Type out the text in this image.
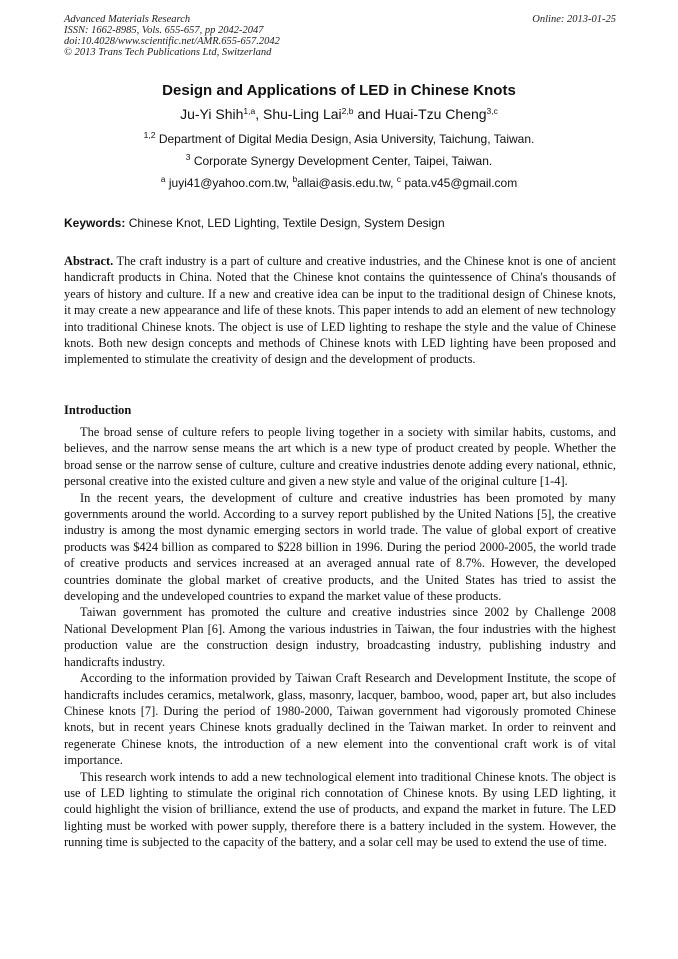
Advanced Materials Research
ISSN: 1662-8985, Vols. 655-657, pp 2042-2047
doi:10.4028/www.scientific.net/AMR.655-657.2042
© 2013 Trans Tech Publications Ltd, Switzerland
Online: 2013-01-25
Design and Applications of LED in Chinese Knots
Ju-Yi Shih$^{1,a}$, Shu-Ling Lai$^{2,b}$ and Huai-Tzu Cheng$^{3,c}$
$^{1,2}$ Department of Digital Media Design, Asia University, Taichung, Taiwan.
$^3$ Corporate Synergy Development Center, Taipei, Taiwan.
$^a$ juyi41@yahoo.com.tw, $^b$allai@asis.edu.tw, $^c$ pata.v45@gmail.com
Keywords: Chinese Knot, LED Lighting, Textile Design, System Design
Abstract. The craft industry is a part of culture and creative industries, and the Chinese knot is one of ancient handicraft products in China. Noted that the Chinese knot contains the quintessence of China's thousands of years of history and culture. If a new and creative idea can be input to the traditional design of Chinese knots, it may create a new appearance and life of these knots. This paper intends to add an element of new technology into traditional Chinese knots. The object is use of LED lighting to reshape the style and the value of Chinese knots. Both new design concepts and methods of Chinese knots with LED lighting have been proposed and implemented to stimulate the creativity of design and the development of products.
Introduction

The broad sense of culture refers to people living together in a society with similar habits, customs, and believes, and the narrow sense means the art which is a new type of product created by people. Whether the broad sense or the narrow sense of culture, culture and creative industries denote adding every national, ethnic, personal creative into the existed culture and given a new style and value of the original culture [1-4].

In the recent years, the development of culture and creative industries has been promoted by many governments around the world. According to a survey report published by the United Nations [5], the creative industry is among the most dynamic emerging sectors in world trade. The value of global export of creative products was $424 billion as compared to $228 billion in 1996. During the period 2000-2005, the world trade of creative products and services increased at an averaged annual rate of 8.7%. However, the developed countries dominate the global market of creative products, and the United States has tried to assist the developing and the undeveloped countries to expand the market value of these products.

Taiwan government has promoted the culture and creative industries since 2002 by Challenge 2008 National Development Plan [6]. Among the various industries in Taiwan, the four industries with the highest production value are the construction design industry, broadcasting industry, publishing industry and handicrafts industry.

According to the information provided by Taiwan Craft Research and Development Institute, the scope of handicrafts includes ceramics, metalwork, glass, masonry, lacquer, bamboo, wood, paper art, but also includes Chinese knots [7]. During the period of 1980-2000, Taiwan government had vigorously promoted Chinese knots, but in recent years Chinese knots gradually declined in the Taiwan market. In order to reinvent and regenerate Chinese knots, the introduction of a new element into the conventional craft work is of vital importance.

This research work intends to add a new technological element into traditional Chinese knots. The object is use of LED lighting to stimulate the original rich connotation of Chinese knots. By using LED lighting, it could highlight the vision of brilliance, extend the use of products, and expand the market in future. The LED lighting must be worked with power supply, therefore there is a battery included in the system. However, the running time is subjected to the capacity of the battery, and a solar cell may be used to extend the use of time.
